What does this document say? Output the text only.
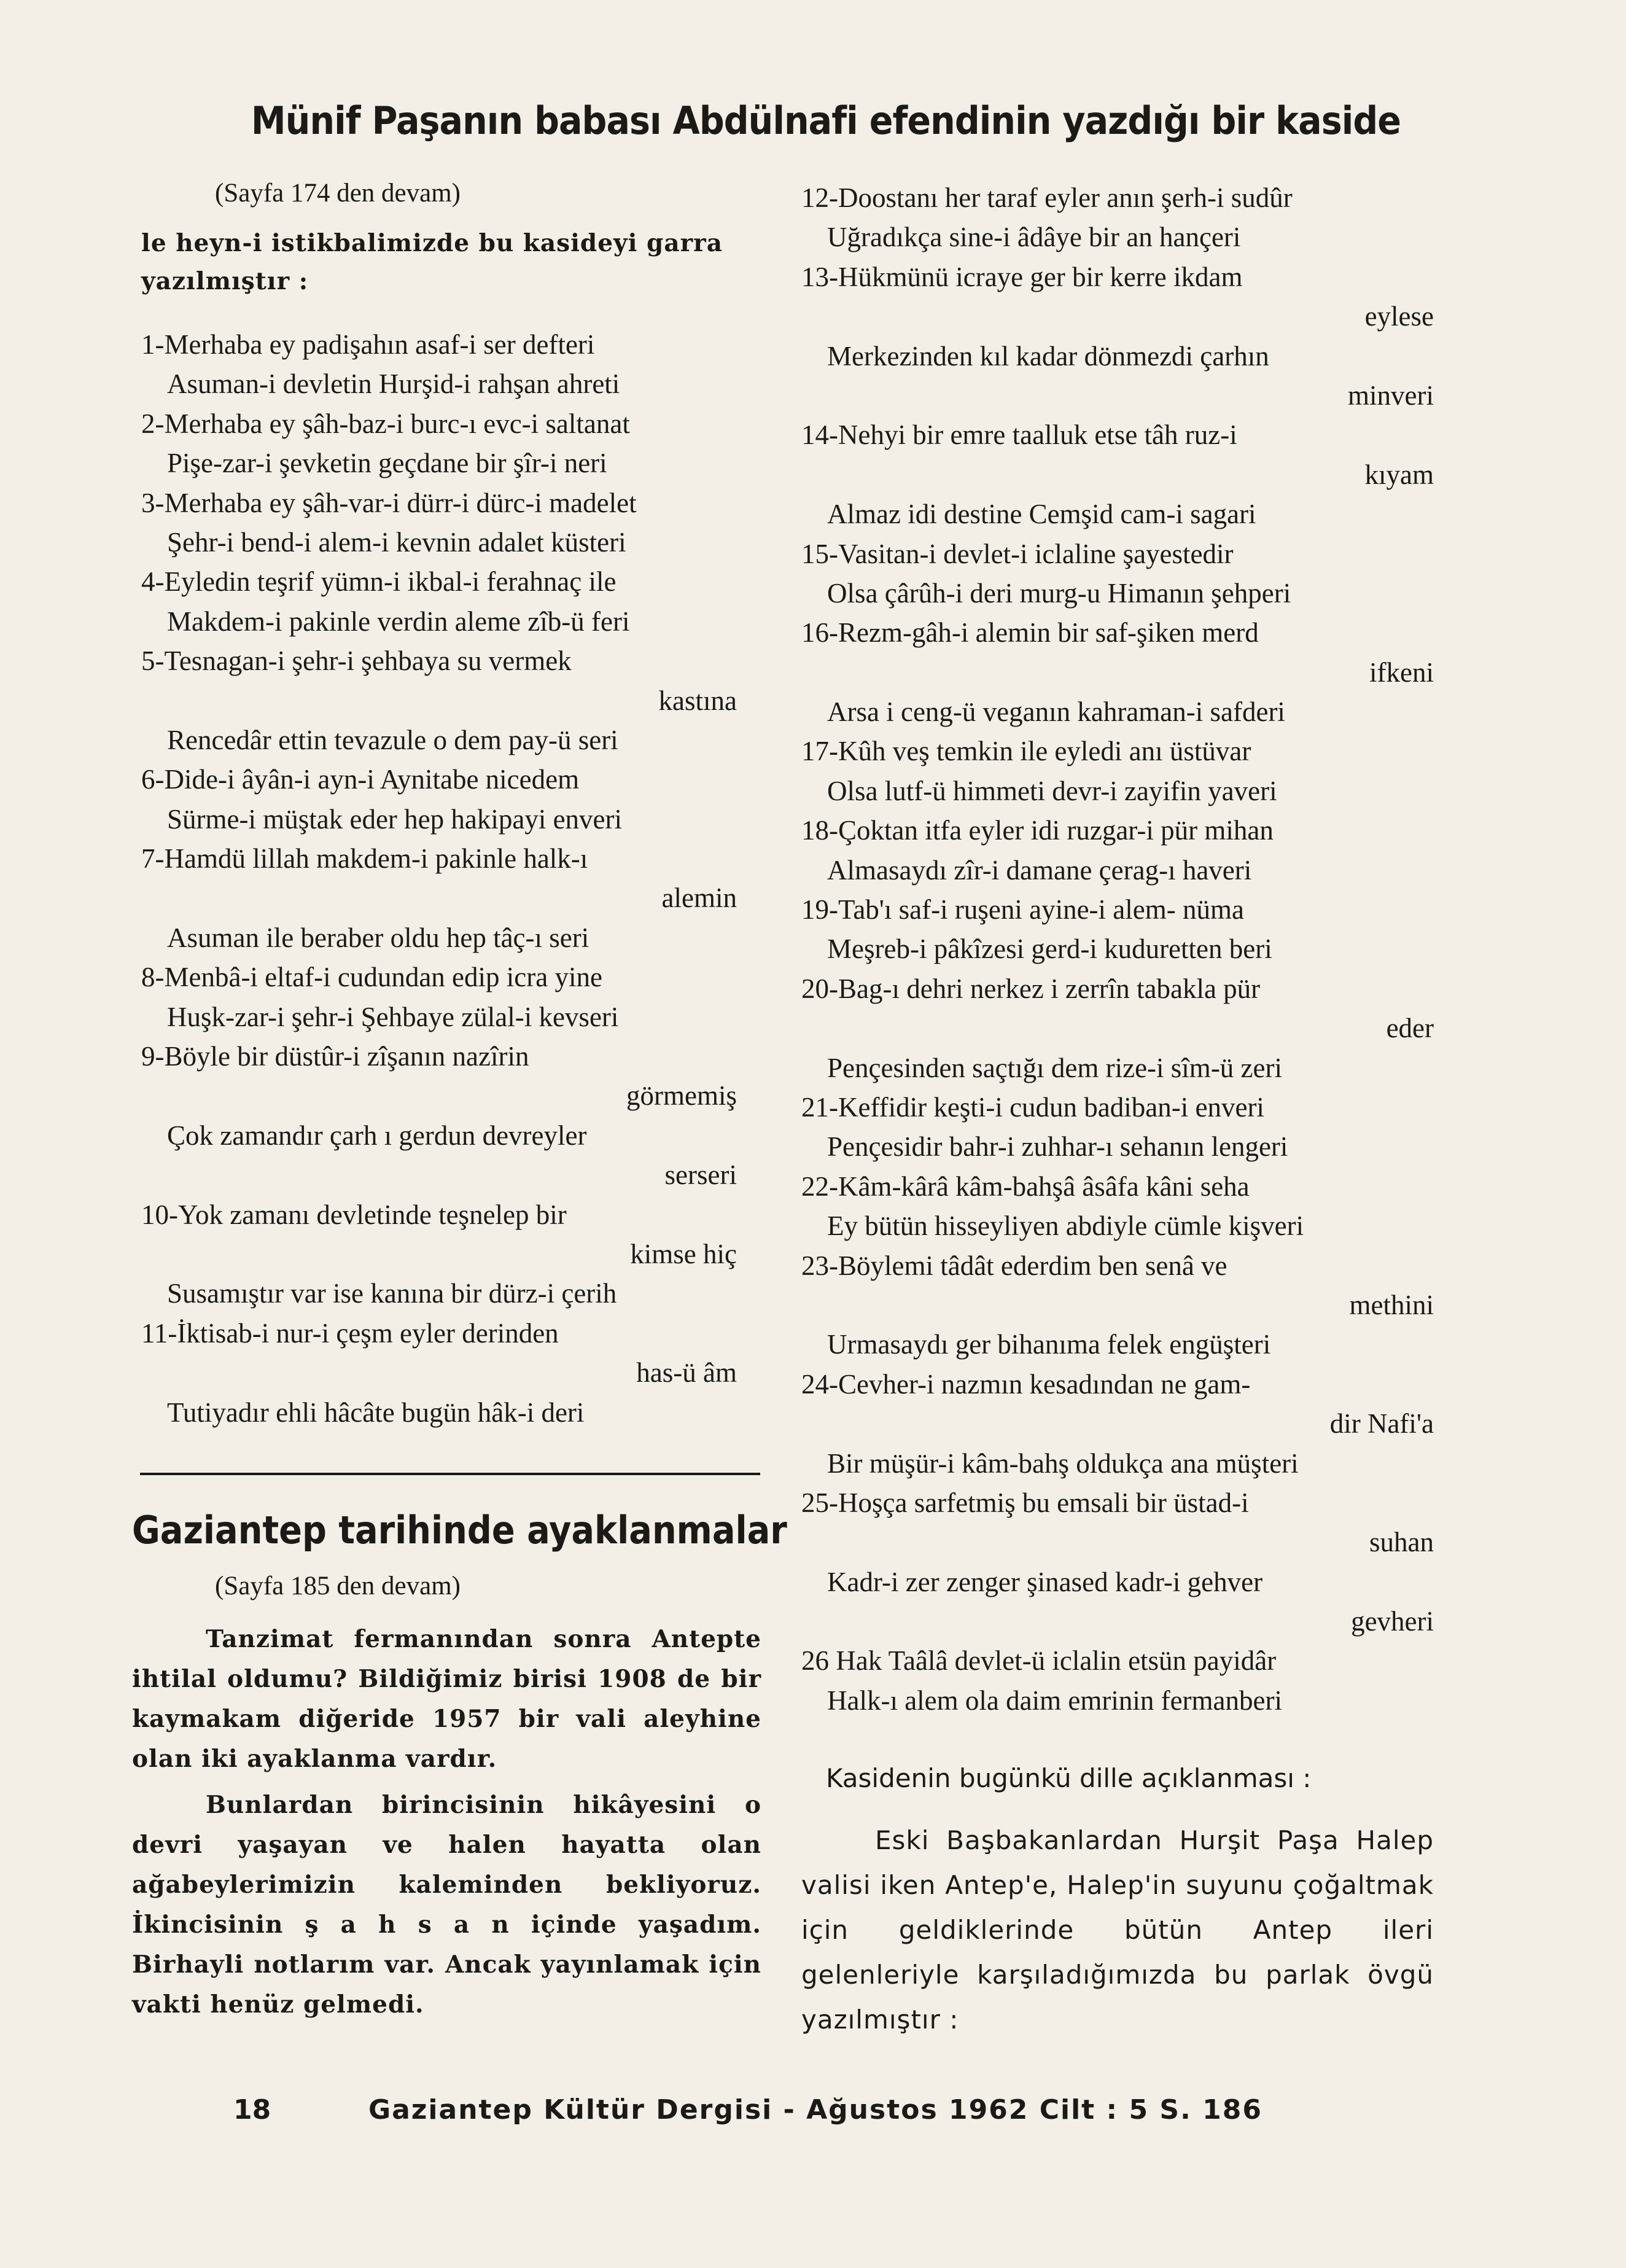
Münif Paşanın babası Abdülnafi efendinin yazdığı bir kaside
(Sayfa 174 den devam)

le heyn-i istikbalimizde bu kasideyi garra yazılmıştır :

1-Merhaba ey padişahın asaf-i ser defteri
Asuman-i devletin Hurşid-i rahşan ahreti
2-Merhaba ey şâh-baz-i burc-ı evc-i saltanat
Pişe-zar-i şevketin geçdane bir şîr-i neri
3-Merhaba ey şâh-var-i dürr-i dürc-i madelet
Şehr-i bend-i alem-i kevnin adalet küsteri
4-Eyledin teşrif yümn-i ikbal-i ferahnaç ile
Makdem-i pakinle verdin aleme zîb-ü feri
5-Tesnagan-i şehr-i şehbaya su vermek
kastına
Rencedâr ettin tevazule o dem pay-ü seri
6-Dide-i âyân-i ayn-i Aynitabe nicedem
Sürme-i müştak eder hep hakipayi enveri
7-Hamdü lillah makdem-i pakinle halk-ı
alemin
Asuman ile beraber oldu hep tâç-ı seri
8-Menbâ-i eltaf-i cudundan edip icra yine
Huşk-zar-i şehr-i Şehbaye zülal-i kevseri
9-Böyle bir düstûr-i zîşanın nazîrin
görmemiş
Çok zamandır çarh ı gerdun devreyler
serseri
10-Yok zamanı devletinde teşnelep bir
kimse hiç
Susamıştır var ise kanına bir dürz-i çerih
11-İktisab-i nur-i çeşm eyler derinden
has-ü âm
Tutiyadır ehli hâcâte bugün hâk-i deri
Gaziantep tarihinde ayaklanmalar
(Sayfa 185 den devam)

Tanzimat fermanından sonra Antepte ihtilal oldumu? Bildiğimiz birisi 1908 de bir kaymakam diğeride 1957 bir vali aleyhine olan iki ayaklanma vardır.

Bunlardan birincisinin hikâyesini o devri yaşayan ve halen hayatta olan ağabeylerimizin kaleminden bekliyoruz. İkincisinin ş a h s a n içinde yaşadım. Birhayli notlarım var. Ancak yayınlamak için vakti henüz gelmedi.

12-Doostanı her taraf eyler anın şerh-i sudûr
Uğradıkça sine-i âdâye bir an hançeri
13-Hükmünü icraye ger bir kerre ikdam
eylese
Merkezinden kıl kadar dönmezdi çarhın
minveri
14-Nehyi bir emre taalluk etse tâh ruz-i
kıyam
Almaz idi destine Cemşid cam-i sagari
15-Vasitan-i devlet-i iclaline şayestedir
Olsa çârûh-i deri murg-u Himanın şehperi
16-Rezm-gâh-i alemin bir saf-şiken merd
ifkeni
Arsa i ceng-ü veganın kahraman-i safderi
17-Kûh veş temkin ile eyledi anı üstüvar
Olsa lutf-ü himmeti devr-i zayifin yaveri
18-Çoktan itfa eyler idi ruzgar-i pür mihan
Almasaydı zîr-i damane çerag-ı haveri
19-Tab'ı saf-i ruşeni ayine-i alem- nüma
Meşreb-i pâkîzesi gerd-i kuduretten beri
20-Bag-ı dehri nerkez i zerrîn tabakla pür
eder
Pençesinden saçtığı dem rize-i sîm-ü zeri
21-Keffidir keşti-i cudun badiban-i enveri
Pençesidir bahr-i zuhhar-ı sehanın lengeri
22-Kâm-kârâ kâm-bahşâ âsâfa kâni seha
Ey bütün hisseyliyen abdiyle cümle kişveri
23-Böylemi tâdât ederdim ben senâ ve
methini
Urmasaydı ger bihanıma felek engüşteri
24-Cevher-i nazmın kesadından ne gam-
dir Nafi'a
Bir müşür-i kâm-bahş oldukça ana müşteri
25-Hoşça sarfetmiş bu emsali bir üstad-i
suhan
Kadr-i zer zenger şinased kadr-i gehver
gevheri
26 Hak Taâlâ devlet-ü iclalin etsün payidâr
Halk-ı alem ola daim emrinin fermanberi
Kasidenin bugünkü dille açıklanması :

Eski Başbakanlardan Hurşit Paşa Halep valisi iken Antep'e, Halep'in suyunu çoğaltmak için geldiklerinde bütün Antep ileri gelenleriyle karşıladığımızda bu parlak övgü yazılmıştır :

18	Gaziantep Kültür Dergisi - Ağustos 1962 Cilt : 5 S. 186
